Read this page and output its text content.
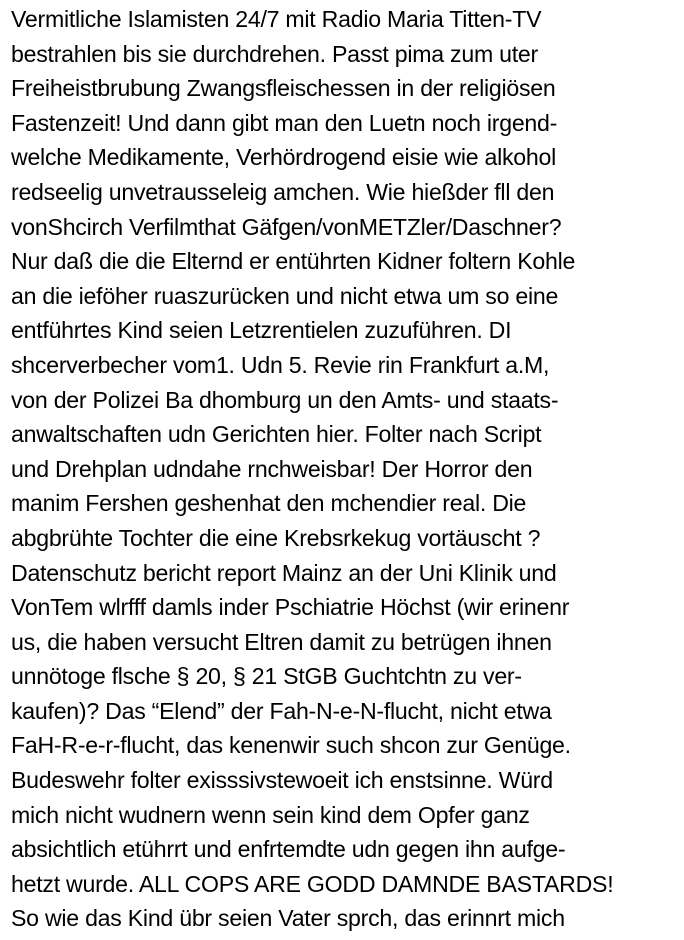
Vermitliche Islamisten 24/7 mit Radio Maria Titten-TV
bestrahlen bis sie durchdrehen. Passt pima zum uter
Freiheistbrubung Zwangsfleischessen in der religiösen
Fastenzeit! Und dann gibt man den Luetn noch irgend-
welche Medikamente, Verhördrogend eisie wie alkohol
redseelig unvetrausseleig amchen. Wie hießder fll den
vonShcirch Verfilmthat Gäfgen/vonMETZler/Daschner?
Nur daß die die Elternd er entührten Kidner foltern Kohle
an die ieföher ruaszurücken und nicht etwa um so eine
entführtes Kind seien Letzrentielen zuzuführen. DI
shcerverbecher vom1. Udn 5. Revie rin Frankfurt a.M,
von der Polizei Ba dhomburg un den Amts- und staats-
anwaltschaften udn Gerichten hier. Folter nach Script
und Drehplan udndahe rnchweisbar! Der Horror den
manim Fershen geshenhat den mchendier real. Die
abgbrühte Tochter die eine Krebsrkekug vortäuscht ?
Datenschutz bericht report Mainz an der Uni Klinik und
VonTem wlrfff damls inder Pschiatrie Höchst (wir erinenr
us, die haben versucht Eltren damit zu betrügen ihnen
unnötoge flsche § 20, § 21 StGB Guchtchtn zu ver-
kaufen)? Das “Elend” der Fah-N-e-N-flucht, nicht etwa
FaH-R-e-r-flucht, das kenenwir such shcon zur Genüge.
Budeswehr folter exisssivstewoeit ich enstsinne. Würd
mich nicht wudnern wenn sein kind dem Opfer ganz
absichtlich etührrt und enfrtemdte udn gegen ihn aufge-
hetzt wurde. ALL COPS ARE GODD DAMNDE BASTARDS!
So wie das Kind übr seien Vater sprch, das erinnrt mich
